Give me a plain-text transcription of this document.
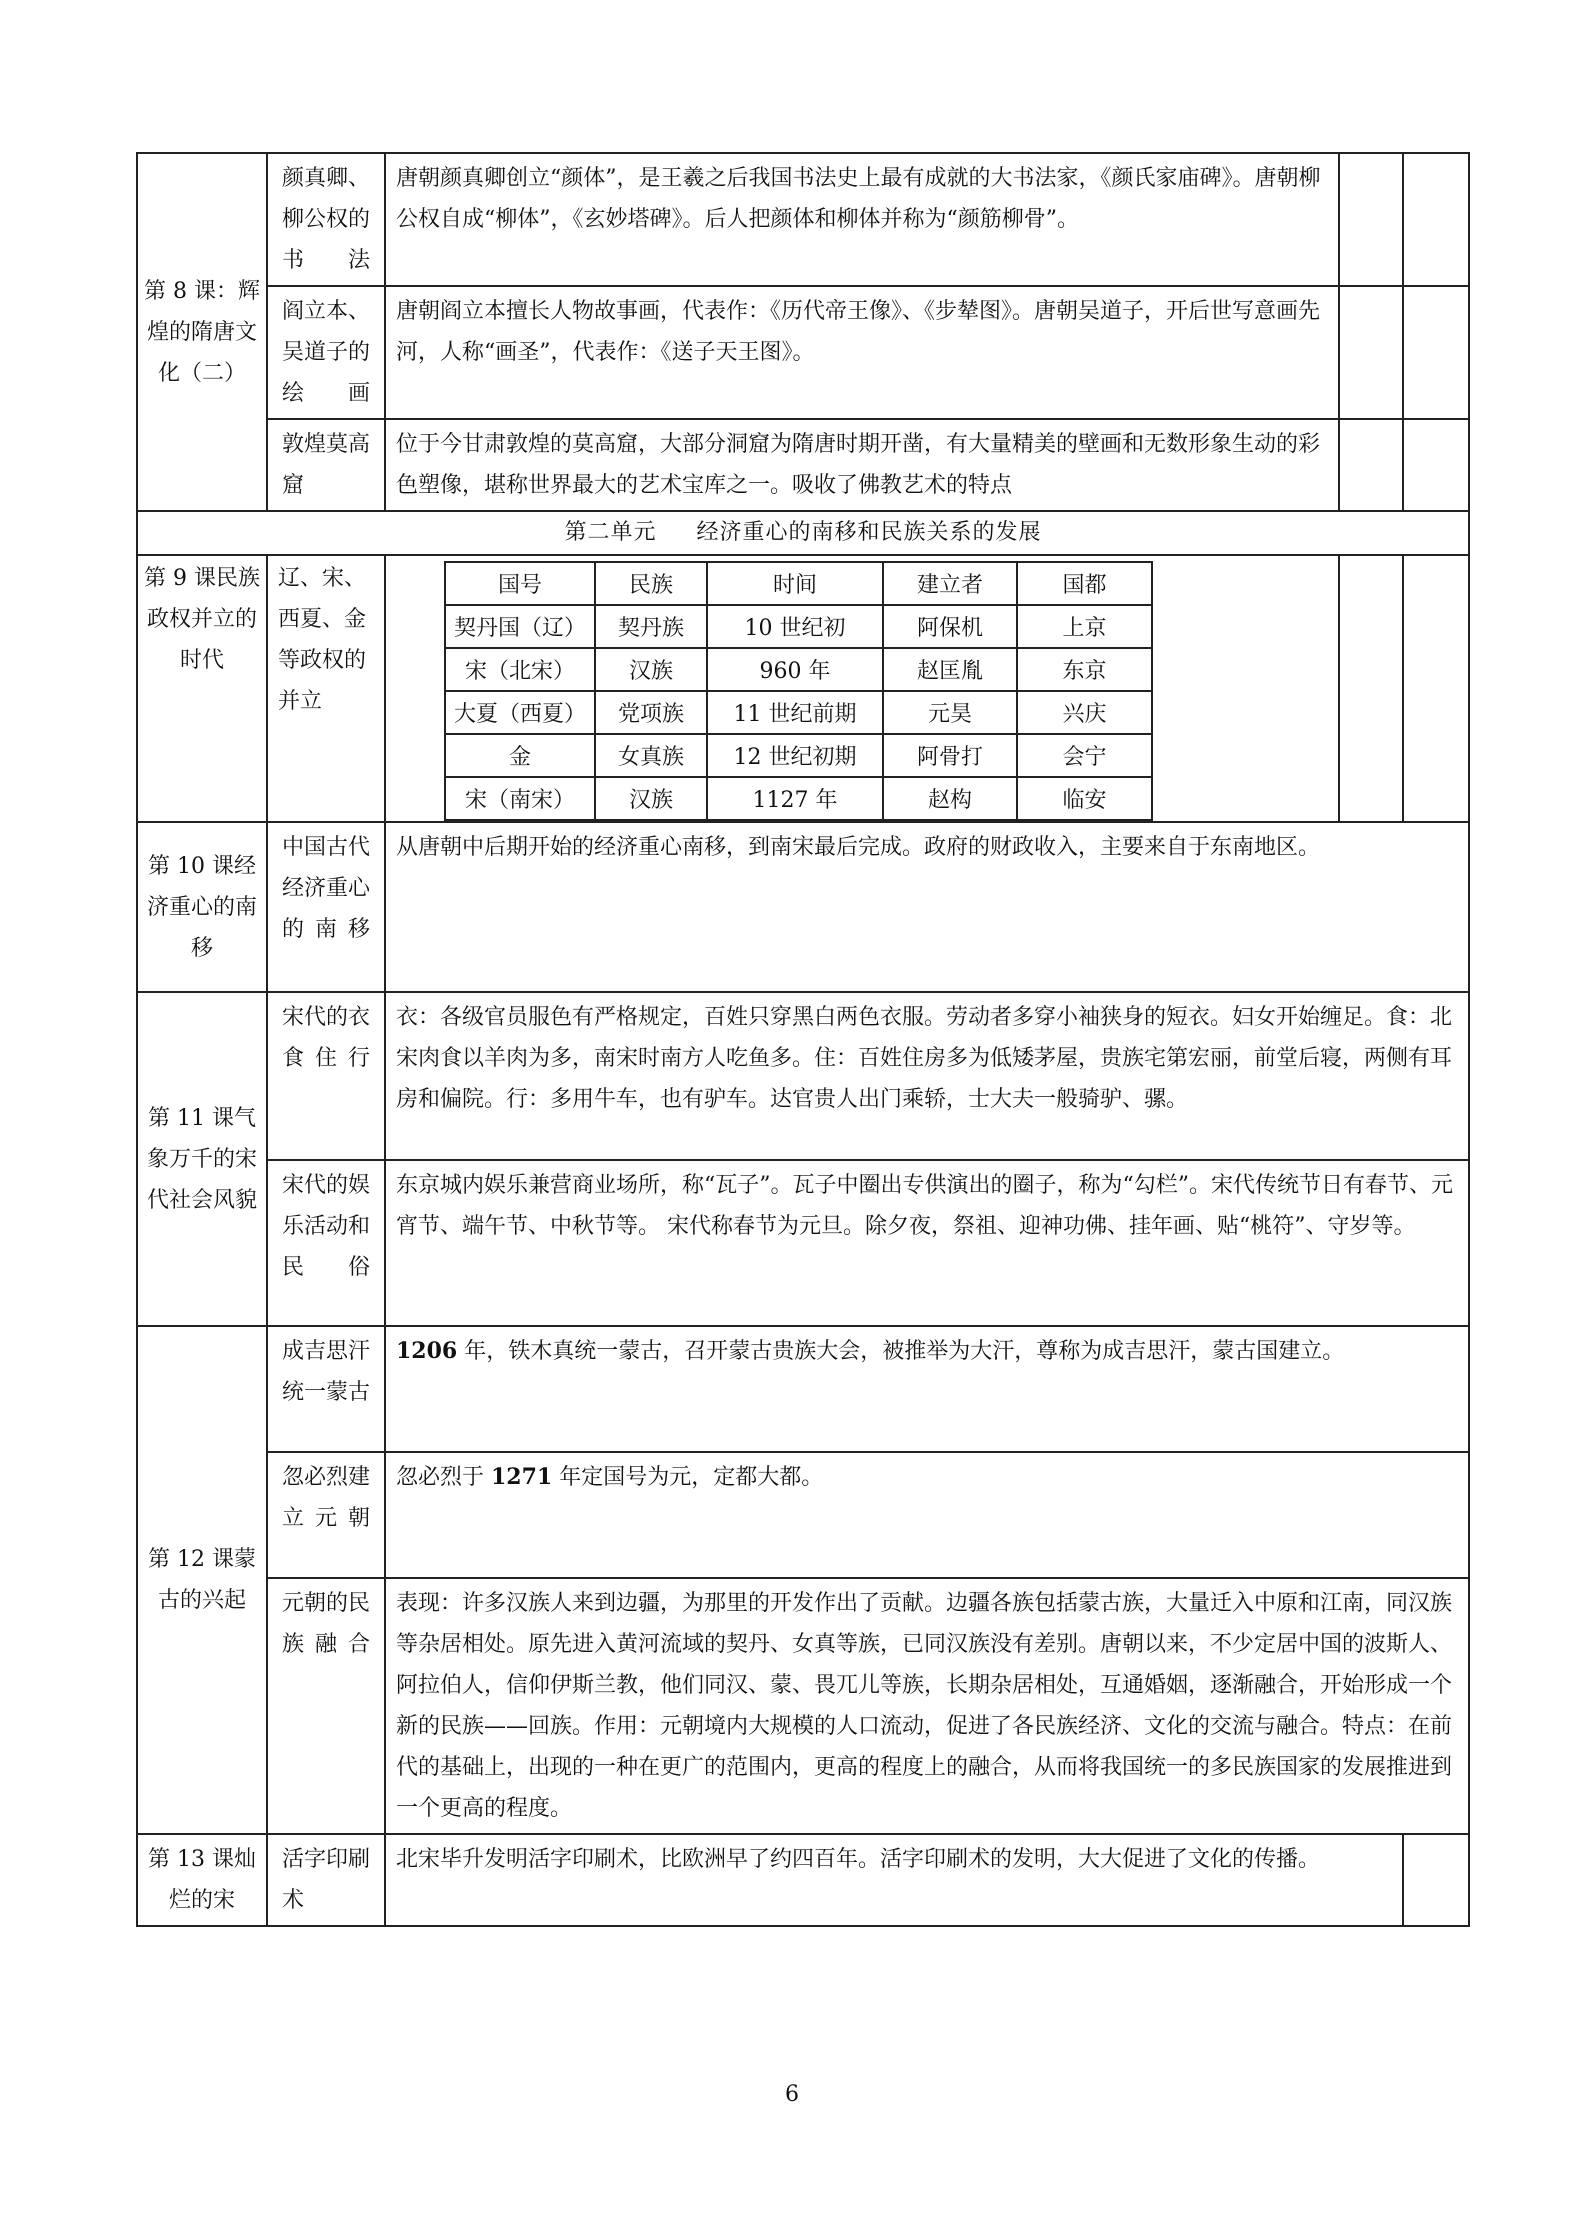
第 8 课：辉煌的隋唐文化（二）	颜真卿、柳公权的书法	唐朝颜真卿创立“颜体”，是王羲之后我国书法史上最有成就的大书法家，《颜氏家庙碑》。唐朝柳公权自成“柳体”，《玄妙塔碑》。后人把颜体和柳体并称为“颜筋柳骨”。		
阎立本、吴道子的绘画	唐朝阎立本擅长人物故事画，代表作：《历代帝王像》、《步辇图》。唐朝吴道子，开后世写意画先河，人称“画圣”，代表作：《送子天王图》。		
敦煌莫高窟	位于今甘肃敦煌的莫高窟，大部分洞窟为隋唐时期开凿，有大量精美的壁画和无数形象生动的彩色塑像，堪称世界最大的艺术宝库之一。吸收了佛教艺术的特点		
第二单元 经济重心的南移和民族关系的发展
第 9 课民族政权并立的时代	辽、宋、西夏、金等政权的并立	
国号	民族	时间	建立者	国都
契丹国（辽）	契丹族	10 世纪初	阿保机	上京
宋（北宋）	汉族	960 年	赵匡胤	东京
大夏（西夏）	党项族	11 世纪前期	元昊	兴庆
金	女真族	12 世纪初期	阿骨打	会宁
宋（南宋）	汉族	1127 年	赵构	临安

第 10 课经济重心的南移	中国古代经济重心的南移	从唐朝中后期开始的经济重心南移，到南宋最后完成。政府的财政收入，主要来自于东南地区。
第 11 课气象万千的宋代社会风貌	宋代的衣食住行	衣：各级官员服色有严格规定，百姓只穿黑白两色衣服。劳动者多穿小袖狭身的短衣。妇女开始缠足。食：北宋肉食以羊肉为多，南宋时南方人吃鱼多。住：百姓住房多为低矮茅屋，贵族宅第宏丽，前堂后寝，两侧有耳房和偏院。行：多用牛车，也有驴车。达官贵人出门乘轿，士大夫一般骑驴、骡。
宋代的娱乐活动和民俗	东京城内娱乐兼营商业场所，称“瓦子”。瓦子中圈出专供演出的圈子，称为“勾栏”。宋代传统节日有春节、元宵节、端午节、中秋节等。 宋代称春节为元旦。除夕夜，祭祖、迎神功佛、挂年画、贴“桃符”、守岁等。
第 12 课蒙古的兴起	成吉思汗统一蒙古	1206 年，铁木真统一蒙古，召开蒙古贵族大会，被推举为大汗，尊称为成吉思汗，蒙古国建立。
忽必烈建立元朝	忽必烈于 1271 年定国号为元，定都大都。
元朝的民族融合	表现：许多汉族人来到边疆，为那里的开发作出了贡献。边疆各族包括蒙古族，大量迁入中原和江南，同汉族等杂居相处。原先进入黄河流域的契丹、女真等族，已同汉族没有差别。唐朝以来，不少定居中国的波斯人、阿拉伯人，信仰伊斯兰教，他们同汉、蒙、畏兀儿等族，长期杂居相处，互通婚姻，逐渐融合，开始形成一个新的民族——回族。作用：元朝境内大规模的人口流动，促进了各民族经济、文化的交流与融合。特点：在前代的基础上，出现的一种在更广的范围内，更高的程度上的融合，从而将我国统一的多民族国家的发展推进到一个更高的程度。
第 13 课灿烂的宋	活字印刷术	北宋毕升发明活字印刷术，比欧洲早了约四百年。活字印刷术的发明，大大促进了文化的传播。	
6
